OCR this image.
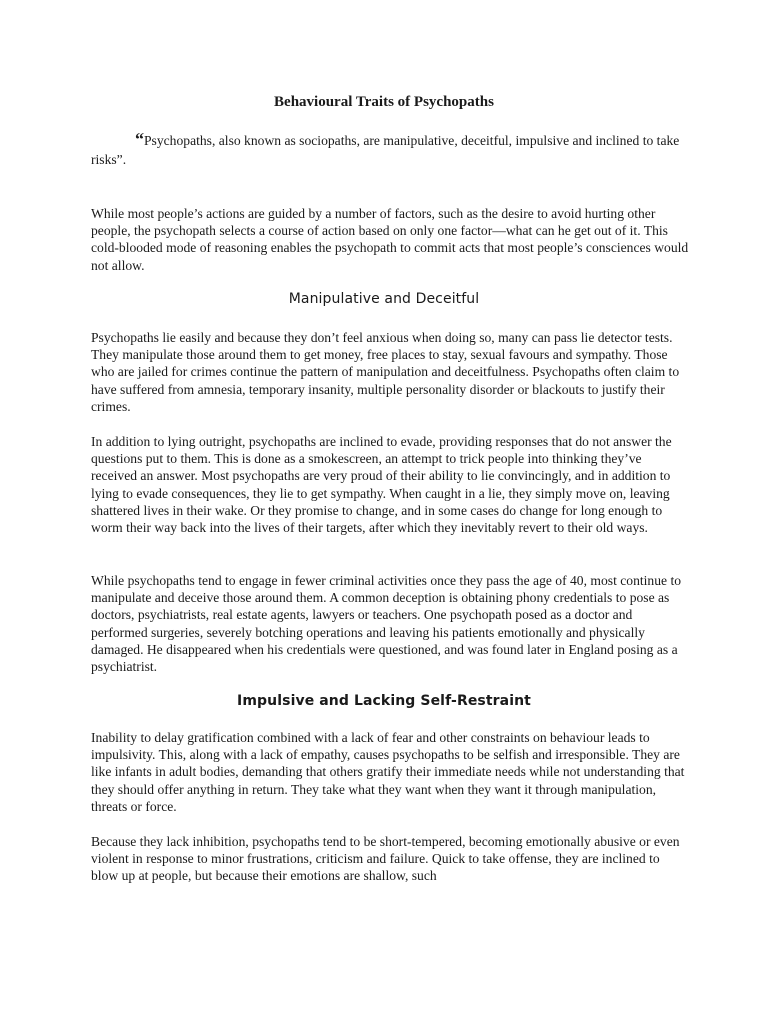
Behavioural Traits of Psychopaths
“Psychopaths, also known as sociopaths, are manipulative, deceitful, impulsive and inclined to take risks”.

While most people’s actions are guided by a number of factors, such as the desire to avoid hurting other people, the psychopath selects a course of action based on only one factor—what can he get out of it. This cold-blooded mode of reasoning enables the psychopath to commit acts that most people’s consciences would not allow.

Manipulative and Deceitful

Psychopaths lie easily and because they don’t feel anxious when doing so, many can pass lie detector tests. They manipulate those around them to get money, free places to stay, sexual favours and sympathy. Those who are jailed for crimes continue the pattern of manipulation and deceitfulness. Psychopaths often claim to have suffered from amnesia, temporary insanity, multiple personality disorder or blackouts to justify their crimes.

In addition to lying outright, psychopaths are inclined to evade, providing responses that do not answer the questions put to them. This is done as a smokescreen, an attempt to trick people into thinking they’ve received an answer. Most psychopaths are very proud of their ability to lie convincingly, and in addition to lying to evade consequences, they lie to get sympathy. When caught in a lie, they simply move on, leaving shattered lives in their wake. Or they promise to change, and in some cases do change for long enough to worm their way back into the lives of their targets, after which they inevitably revert to their old ways.

While psychopaths tend to engage in fewer criminal activities once they pass the age of 40, most continue to manipulate and deceive those around them. A common deception is obtaining phony credentials to pose as doctors, psychiatrists, real estate agents, lawyers or teachers. One psychopath posed as a doctor and performed surgeries, severely botching operations and leaving his patients emotionally and physically damaged. He disappeared when his credentials were questioned, and was found later in England posing as a psychiatrist.

Impulsive and Lacking Self-Restraint

Inability to delay gratification combined with a lack of fear and other constraints on behaviour leads to impulsivity. This, along with a lack of empathy, causes psychopaths to be selfish and irresponsible. They are like infants in adult bodies, demanding that others gratify their immediate needs while not understanding that they should offer anything in return. They take what they want when they want it through manipulation, threats or force.

Because they lack inhibition, psychopaths tend to be short-tempered, becoming emotionally abusive or even violent in response to minor frustrations, criticism and failure. Quick to take offense, they are inclined to blow up at people, but because their emotions are shallow, such
